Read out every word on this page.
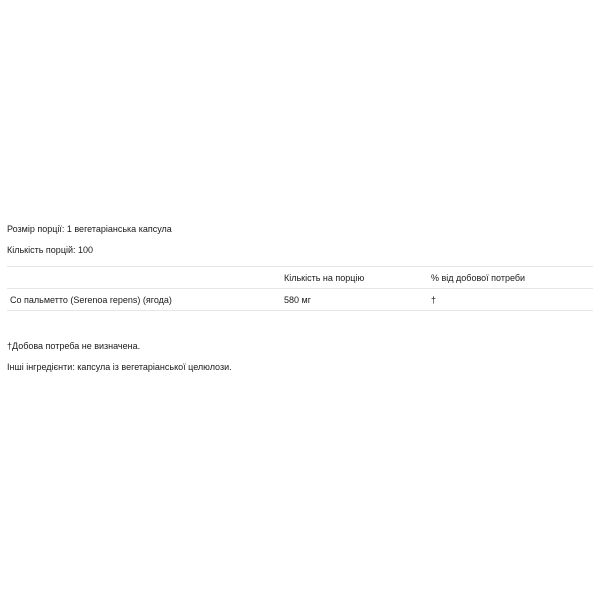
Розмір порції: 1 вегетаріанська капсула
Кількість порцій: 100
	Кількість на порцію	% від добової потреби
Со пальметто (Serenoa repens) (ягода)	580 мг	†
†Добова потреба не визначена.
Інші інгредієнти: капсула із вегетаріанської целюлози.
